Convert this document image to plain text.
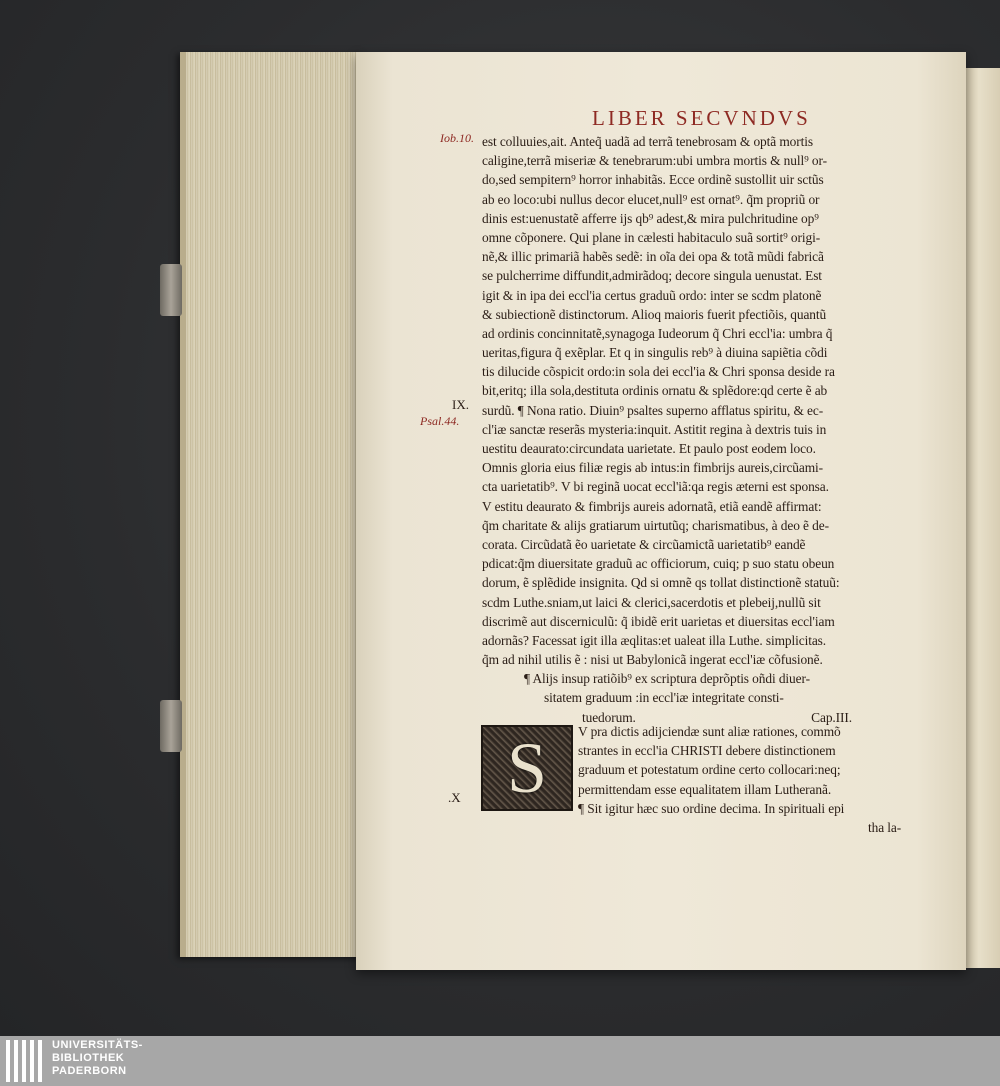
LIBER SECVNDVS
Iob.10.
IX.
Psal.44.
.X
est colluuies,ait. Anteq̃ uadã ad terrã tenebrosam & optã mortis
caligine,terrã miseriæ & tenebrarum:ubi umbra mortis & null⁹ or-
do,sed sempitern⁹ horror inhabitãs. Ecce ordinẽ sustollit uir sctũs
ab eo loco:ubi nullus decor elucet,null⁹ est ornat⁹. q̃m propriũ or
dinis est:uenustatẽ afferre ijs qb⁹ adest,& mira pulchritudine op⁹
omne cõponere. Qui plane in cælesti habitaculo suã sortit⁹ origi-
nẽ,& illic primariã habẽs sedẽ: in oĩa dei opa & totã mũdi fabricã
se pulcherrime diffundit,admirãdoq; decore singula uenustat. Est
igit & in ipa dei eccl'ia certus graduũ ordo: inter se scdm platonẽ
& subiectionẽ distinctorum. Alioq maioris fuerit pfectiõis, quantũ
ad ordinis concinnitatẽ,synagoga Iudeorum q̃ Chri eccl'ia: umbra q̃
ueritas,figura q̃ exẽplar. Et q in singulis reb⁹ à diuina sapiẽtia cõdi
tis dilucide cõspicit ordo:in sola dei eccl'ia & Chri sponsa deside ra
bit,eritq; illa sola,destituta ordinis ornatu & splẽdore:qd certe ẽ ab
surdũ. ¶ Nona ratio. Diuin⁹ psaltes superno afflatus spiritu, & ec-
cl'iæ sanctæ reserãs mysteria:inquit. Astitit regina à dextris tuis in
uestitu deaurato:circundata uarietate. Et paulo post eodem loco.
Omnis gloria eius filiæ regis ab intus:in fimbrijs aureis,circũami-
cta uarietatib⁹. V bi reginã uocat eccl'iã:qa regis æterni est sponsa.
V estitu deaurato & fimbrijs aureis adornatã, etiã eandẽ affirmat:
q̃m charitate & alijs gratiarum uirtutũq; charismatibus, à deo ẽ de-
corata. Circũdatã ẽo uarietate & circũamictã uarietatib⁹ eandẽ
pdicat:q̃m diuersitate graduũ ac officiorum, cuiq; p suo statu obeun
dorum, ẽ splẽdide insignita. Qd si omnẽ qs tollat distinctionẽ statuũ:
scdm Luthe.sniam,ut laici & clerici,sacerdotis et plebeij,nullũ sit
discrimẽ aut discerniculũ: q̃ ibidẽ erit uarietas et diuersitas eccl'iam
adornãs? Facessat igit illa æqlitas:et ualeat illa Luthe. simplicitas.
q̃m ad nihil utilis ẽ : nisi ut Babylonicã ingerat eccl'iæ cõfusionẽ.
¶ Alijs insup ratiõib⁹ ex scriptura deprõptis oñdi diuer-
sitatem graduum :in eccl'iæ integritate consti-
tuedorum.	Cap.III.
S V pra dictis adijciendæ sunt aliæ rationes, commõ
strantes in eccl'ia CHRISTI debere distinctionem
graduum et potestatum ordine certo collocari:neq;
permittendam esse equalitatem illam Lutheranã.
¶ Sit igitur hæc suo ordine decima. In spirituali epi
tha la-
UNIVERSITÄTS-
BIBLIOTHEK
PADERBORN
